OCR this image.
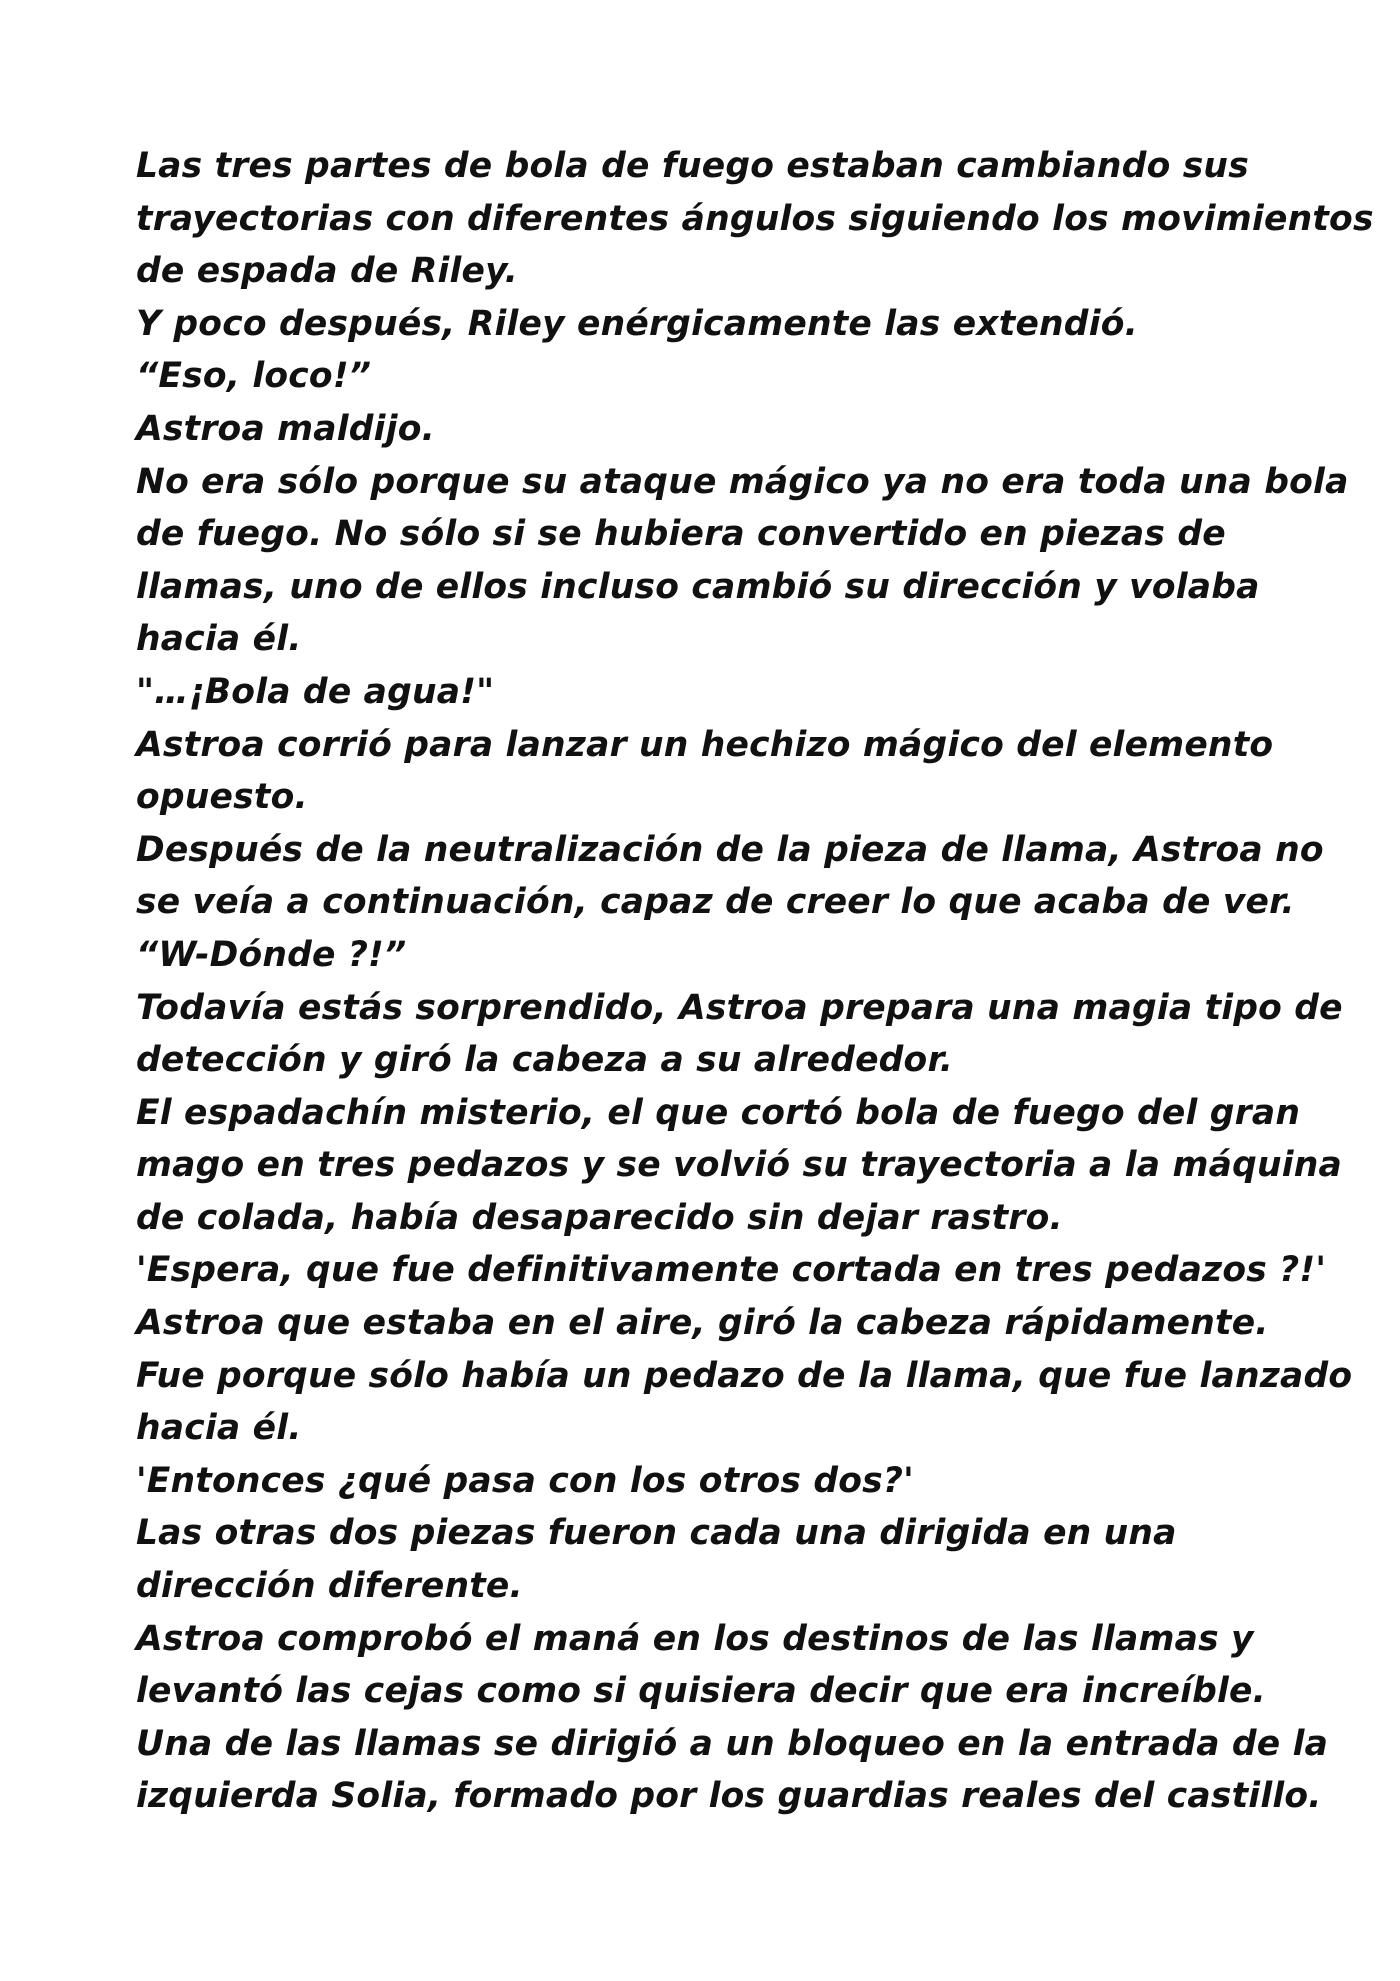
Las tres partes de bola de fuego estaban cambiando sus
trayectorias con diferentes ángulos siguiendo los movimientos
de espada de Riley.
Y poco después, Riley enérgicamente las extendió.
“Eso, loco!”
Astroa maldijo.
No era sólo porque su ataque mágico ya no era toda una bola
de fuego. No sólo si se hubiera convertido en piezas de
llamas, uno de ellos incluso cambió su dirección y volaba
hacia él.
"…¡Bola de agua!"
Astroa corrió para lanzar un hechizo mágico del elemento
opuesto.
Después de la neutralización de la pieza de llama, Astroa no
se veía a continuación, capaz de creer lo que acaba de ver.
“W-Dónde ?!”
Todavía estás sorprendido, Astroa prepara una magia tipo de
detección y giró la cabeza a su alrededor.
El espadachín misterio, el que cortó bola de fuego del gran
mago en tres pedazos y se volvió su trayectoria a la máquina
de colada, había desaparecido sin dejar rastro.
'Espera, que fue definitivamente cortada en tres pedazos ?!'
Astroa que estaba en el aire, giró la cabeza rápidamente.
Fue porque sólo había un pedazo de la llama, que fue lanzado
hacia él.
'Entonces ¿qué pasa con los otros dos?'
Las otras dos piezas fueron cada una dirigida en una
dirección diferente.
Astroa comprobó el maná en los destinos de las llamas y
levantó las cejas como si quisiera decir que era increíble.
Una de las llamas se dirigió a un bloqueo en la entrada de la
izquierda Solia, formado por los guardias reales del castillo.
